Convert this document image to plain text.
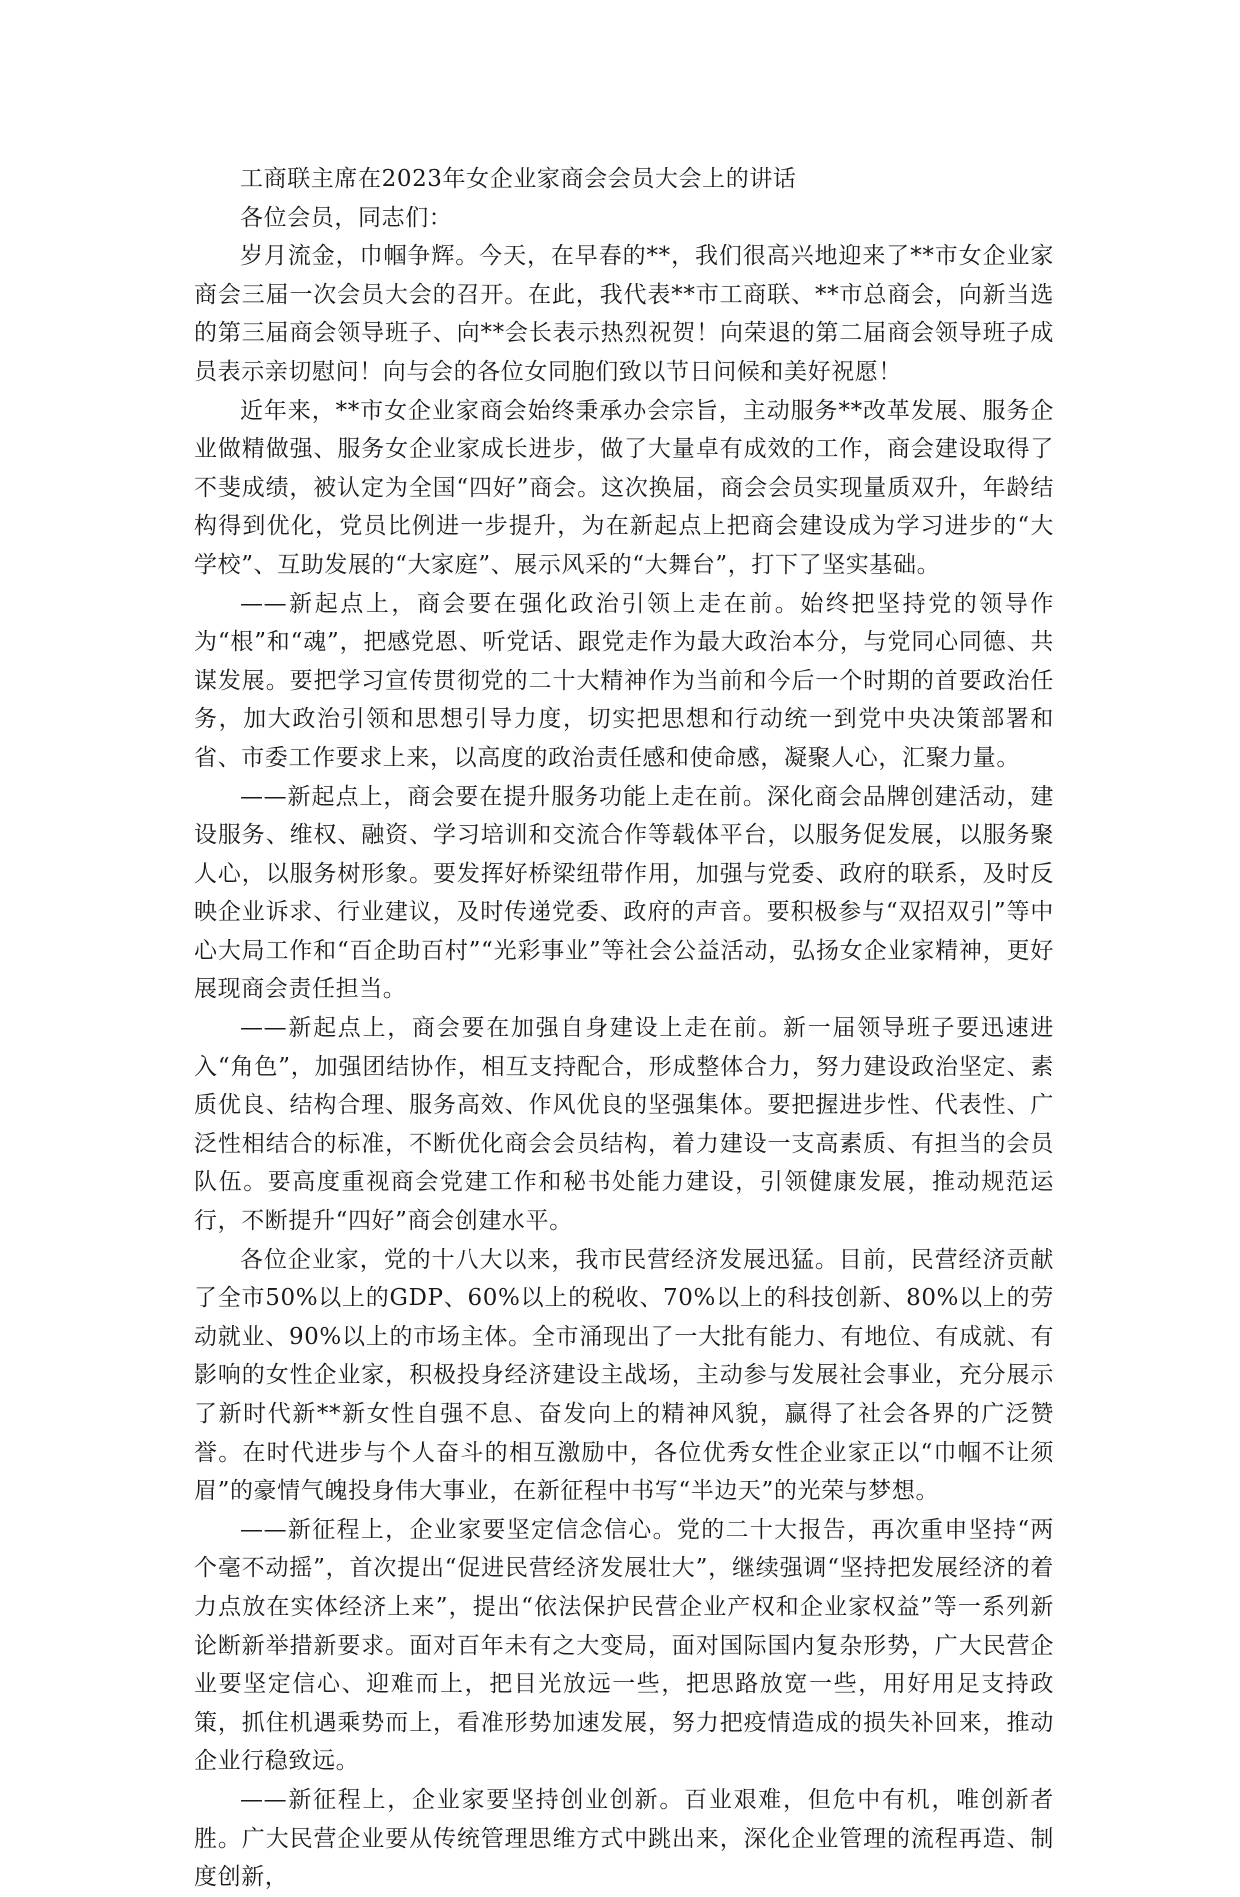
工商联主席在2023年女企业家商会会员大会上的讲话

各位会员，同志们：

岁月流金，巾帼争辉。今天，在早春的**，我们很高兴地迎来了**市女企业家商会三届一次会员大会的召开。在此，我代表**市工商联、**市总商会，向新当选的第三届商会领导班子、向**会长表示热烈祝贺！向荣退的第二届商会领导班子成员表示亲切慰问！向与会的各位女同胞们致以节日问候和美好祝愿！

近年来，**市女企业家商会始终秉承办会宗旨，主动服务**改革发展、服务企业做精做强、服务女企业家成长进步，做了大量卓有成效的工作，商会建设取得了不斐成绩，被认定为全国“四好”商会。这次换届，商会会员实现量质双升，年龄结构得到优化，党员比例进一步提升，为在新起点上把商会建设成为学习进步的“大学校”、互助发展的“大家庭”、展示风采的“大舞台”，打下了坚实基础。

——新起点上，商会要在强化政治引领上走在前。始终把坚持党的领导作为“根”和“魂”，把感党恩、听党话、跟党走作为最大政治本分，与党同心同德、共谋发展。要把学习宣传贯彻党的二十大精神作为当前和今后一个时期的首要政治任务，加大政治引领和思想引导力度，切实把思想和行动统一到党中央决策部署和省、市委工作要求上来，以高度的政治责任感和使命感，凝聚人心，汇聚力量。

——新起点上，商会要在提升服务功能上走在前。深化商会品牌创建活动，建设服务、维权、融资、学习培训和交流合作等载体平台，以服务促发展，以服务聚人心，以服务树形象。要发挥好桥梁纽带作用，加强与党委、政府的联系，及时反映企业诉求、行业建议，及时传递党委、政府的声音。要积极参与“双招双引”等中心大局工作和“百企助百村”“光彩事业”等社会公益活动，弘扬女企业家精神，更好展现商会责任担当。

——新起点上，商会要在加强自身建设上走在前。新一届领导班子要迅速进入“角色”，加强团结协作，相互支持配合，形成整体合力，努力建设政治坚定、素质优良、结构合理、服务高效、作风优良的坚强集体。要把握进步性、代表性、广泛性相结合的标准，不断优化商会会员结构，着力建设一支高素质、有担当的会员队伍。要高度重视商会党建工作和秘书处能力建设，引领健康发展，推动规范运行，不断提升“四好”商会创建水平。

各位企业家，党的十八大以来，我市民营经济发展迅猛。目前，民营经济贡献了全市50%以上的GDP、60%以上的税收、70%以上的科技创新、80%以上的劳动就业、90%以上的市场主体。全市涌现出了一大批有能力、有地位、有成就、有影响的女性企业家，积极投身经济建设主战场，主动参与发展社会事业，充分展示了新时代新**新女性自强不息、奋发向上的精神风貌，赢得了社会各界的广泛赞誉。在时代进步与个人奋斗的相互激励中，各位优秀女性企业家正以“巾帼不让须眉”的豪情气魄投身伟大事业，在新征程中书写“半边天”的光荣与梦想。

——新征程上，企业家要坚定信念信心。党的二十大报告，再次重申坚持“两个毫不动摇”，首次提出“促进民营经济发展壮大”，继续强调“坚持把发展经济的着力点放在实体经济上来”，提出“依法保护民营企业产权和企业家权益”等一系列新论断新举措新要求。面对百年未有之大变局，面对国际国内复杂形势，广大民营企业要坚定信心、迎难而上，把目光放远一些，把思路放宽一些，用好用足支持政策，抓住机遇乘势而上，看准形势加速发展，努力把疫情造成的损失补回来，推动企业行稳致远。

——新征程上，企业家要坚持创业创新。百业艰难，但危中有机，唯创新者胜。广大民营企业要从传统管理思维方式中跳出来，深化企业管理的流程再造、制度创新，
